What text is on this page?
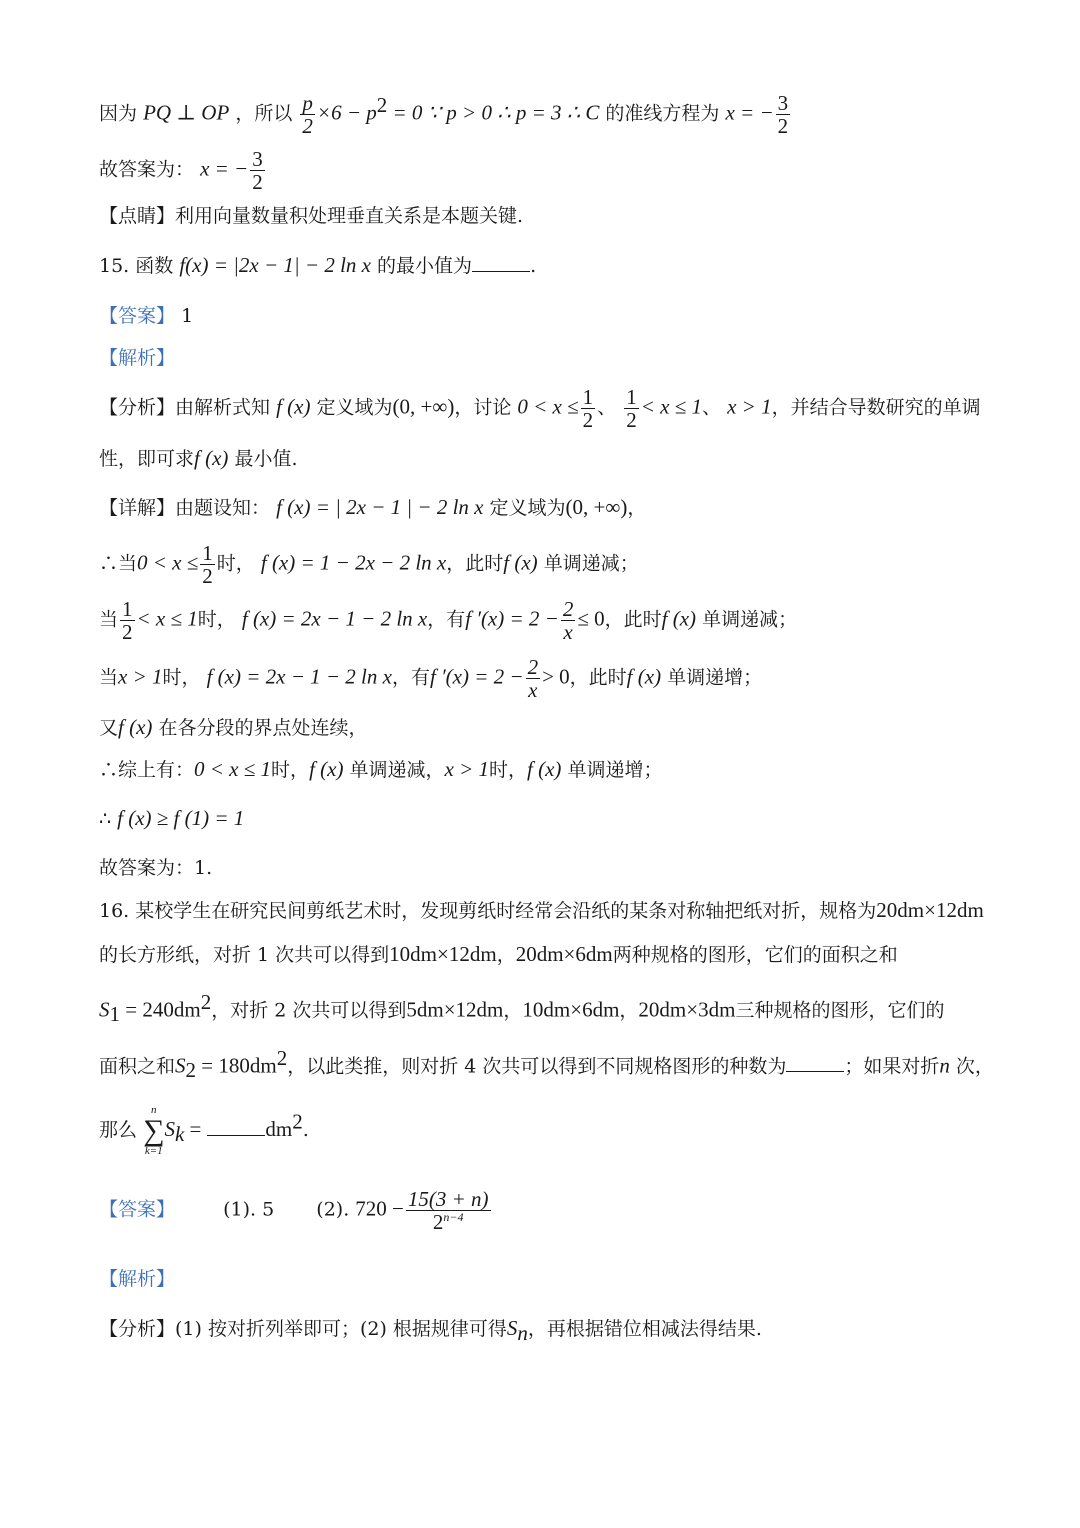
因为 PQ ⊥ OP ，所以 $\frac{p}{2} \times 6 - p^2 = 0$ ∵ p > 0 ∴ p = 3 ∴ C 的准线方程为 x = − $\frac{3}{2}$
故答案为： x = − $\frac{3}{2}$
【点睛】利用向量数量积处理垂直关系是本题关键.
15. 函数 f(x) = |2x − 1| − 2 ln x 的最小值为	.
【答案】 1
【解析】
【分析】由解析式知 f (x) 定义域为(0, +∞)，讨论 $0 < x \le \frac{1}{2}$ 、 $\frac{1}{2} < x \le 1$、 x > 1，并结合导数研究的单调
性，即可求f (x) 最小值.
【详解】由题设知： f (x) = | 2x − 1 | − 2 ln x 定义域为(0, +∞)，
∴当$0 < x \le \frac{1}{2}$ 时， f (x) = 1 − 2x − 2 ln x，此时f (x) 单调递减；
当 $\frac{1}{2} < x \le 1$时， f (x) = 2x − 1 − 2 ln x，有f $'(x) = 2 - \frac{2}{x} \le 0$，此时f (x) 单调递减；
当x > 1时， f (x) = 2x − 1 − 2 ln x，有f $'(x) = 2 - \frac{2}{x} > 0$，此时f (x) 单调递增；
又f (x) 在各分段的界点处连续，
∴综上有：0 < x ≤ 1时，f (x) 单调递减，x > 1时，f (x) 单调递增；
∴ f (x) ≥ f (1) = 1
故答案为：1.
16. 某校学生在研究民间剪纸艺术时，发现剪纸时经常会沿纸的某条对称轴把纸对折，规格为20dm×12dm
的长方形纸，对折 1 次共可以得到10dm×12dm，20dm×6dm两种规格的图形，它们的面积之和
$S_1 = 240dm^2$，对折 2 次共可以得到5dm×12dm，10dm×6dm，20dm×3dm三种规格的图形，它们的
面积之和$S_2 = 180dm^2$，以此类推，则对折 4 次共可以得到不同规格图形的种数为	；如果对折n 次，
那么
n
∑
k=1
$S_k$ =	$dm^2$.
【答案】	(1). 5 (2). $720 - \frac{15(3 + n)}{2^{n-4}}$
【解析】
【分析】(1) 按对折列举即可；(2) 根据规律可得$S_n$，再根据错位相减法得结果.
